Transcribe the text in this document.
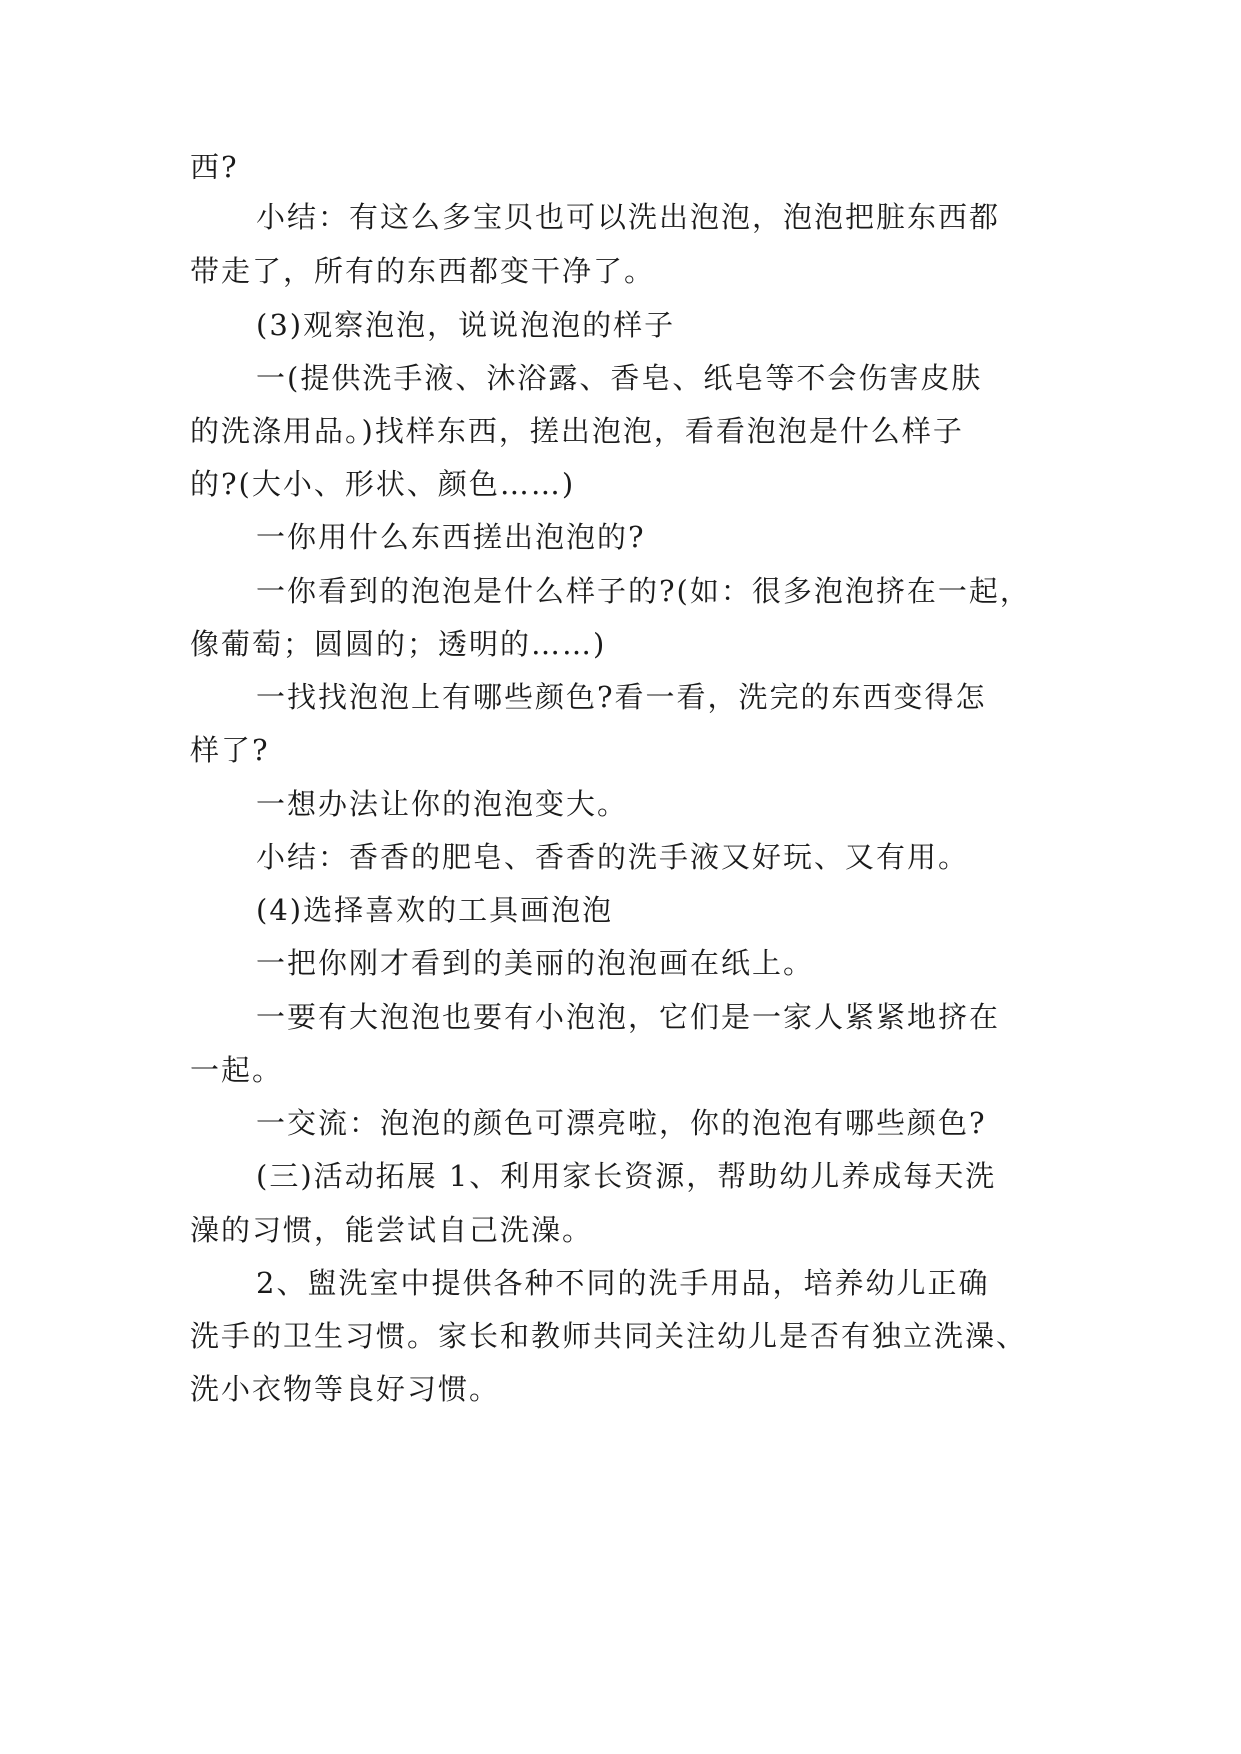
西?
小结：有这么多宝贝也可以洗出泡泡，泡泡把脏东西都
带走了，所有的东西都变干净了。
(3)观察泡泡，说说泡泡的样子
一(提供洗手液、沐浴露、香皂、纸皂等不会伤害皮肤
的洗涤用品。)找样东西，搓出泡泡，看看泡泡是什么样子
的?(大小、形状、颜色……)
一你用什么东西搓出泡泡的?
一你看到的泡泡是什么样子的?(如：很多泡泡挤在一起，
像葡萄；圆圆的；透明的……)
一找找泡泡上有哪些颜色?看一看，洗完的东西变得怎
样了?
一想办法让你的泡泡变大。
小结：香香的肥皂、香香的洗手液又好玩、又有用。
(4)选择喜欢的工具画泡泡
一把你刚才看到的美丽的泡泡画在纸上。
一要有大泡泡也要有小泡泡，它们是一家人紧紧地挤在
一起。
一交流：泡泡的颜色可漂亮啦，你的泡泡有哪些颜色?
(三)活动拓展 1、利用家长资源，帮助幼儿养成每天洗
澡的习惯，能尝试自己洗澡。
2、盥洗室中提供各种不同的洗手用品，培养幼儿正确
洗手的卫生习惯。家长和教师共同关注幼儿是否有独立洗澡、
洗小衣物等良好习惯。
